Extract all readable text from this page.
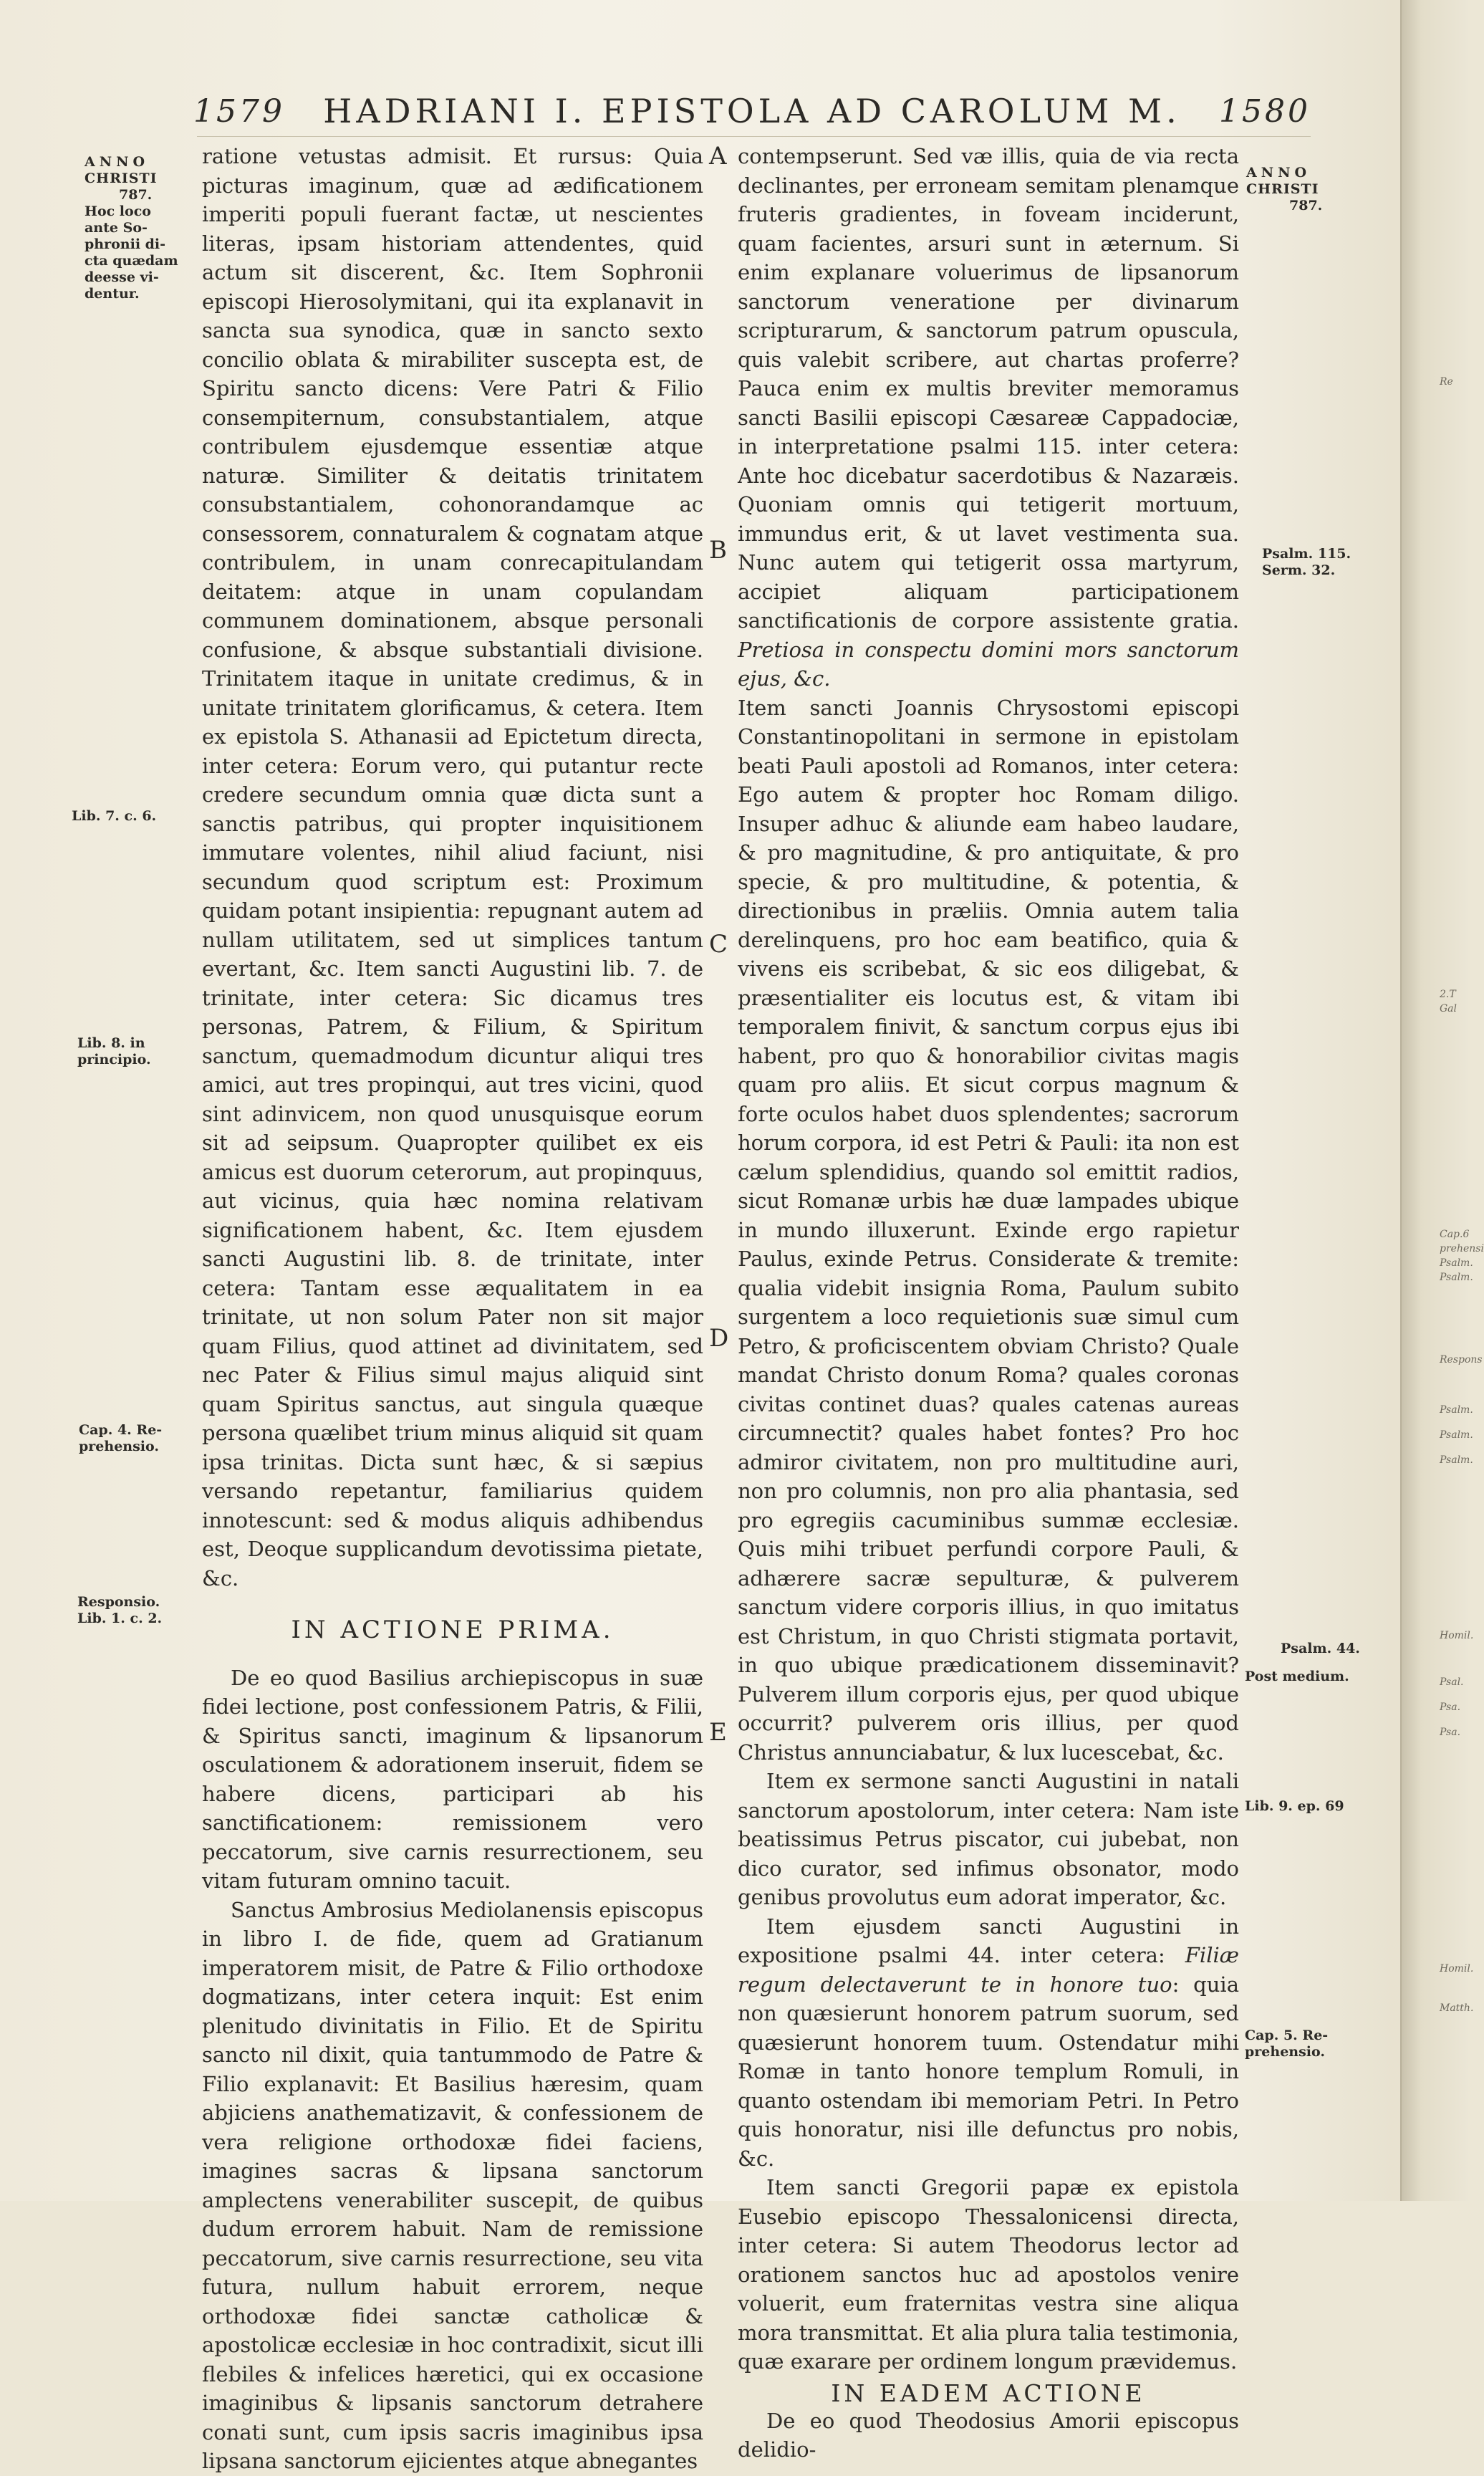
1579	HADRIANI I. EPISTOLA AD CAROLUM M.	1580
ANNO
CHRISTI
787.
Hoc loco
ante So-
phronii di-
cta quædam
deesse vi-
dentur.
Lib. 7. c. 6.
Lib. 8. in
principio.
Cap. 4. Re-
prehensio.
Responsio.
Lib. 1. c. 2.
ANNO
CHRISTI
787.
Psalm. 115.
Serm. 32.
Psalm. 44.
Post medium.
Lib. 9. ep. 69
Cap. 5. Re-
prehensio.
A
B
C
D
E

ratione vetustas admisit. Et rursus: Quia picturas imaginum, quæ ad ædificationem imperiti populi fuerant factæ, ut nescientes literas, ipsam historiam attendentes, quid actum sit discerent, &c. Item Sophronii episcopi Hierosolymitani, qui ita explanavit in sancta sua synodica, quæ in sancto sexto concilio oblata & mirabiliter suscepta est, de Spiritu sancto dicens: Vere Patri & Filio consempiternum, consubstantialem, atque contribulem ejusdemque essentiæ atque naturæ. Similiter & deitatis trinitatem consubstantialem, cohonorandamque ac consessorem, connaturalem & cognatam atque contribulem, in unam conrecapitulandam deitatem: atque in unam copulandam communem dominationem, absque personali confusione, & absque substantiali divisione. Trinitatem itaque in unitate credimus, & in unitate trinitatem glorificamus, & cetera. Item ex epistola S. Athanasii ad Epictetum directa, inter cetera: Eorum vero, qui putantur recte credere secundum omnia quæ dicta sunt a sanctis patribus, qui propter inquisitionem immutare volentes, nihil aliud faciunt, nisi secundum quod scriptum est: Proximum quidam potant insipientia: repugnant autem ad nullam utilitatem, sed ut simplices tantum evertant, &c. Item sancti Augustini lib. 7. de trinitate, inter cetera: Sic dicamus tres personas, Patrem, & Filium, & Spiritum sanctum, quemadmodum dicuntur aliqui tres amici, aut tres propinqui, aut tres vicini, quod sint adinvicem, non quod unusquisque eorum sit ad seipsum. Quapropter quilibet ex eis amicus est duorum ceterorum, aut propinquus, aut vicinus, quia hæc nomina relativam significationem habent, &c. Item ejusdem sancti Augustini lib. 8. de trinitate, inter cetera: Tantam esse æqualitatem in ea trinitate, ut non solum Pater non sit major quam Filius, quod attinet ad divinitatem, sed nec Pater & Filius simul majus aliquid sint quam Spiritus sanctus, aut singula quæque persona quælibet trium minus aliquid sit quam ipsa trinitas. Dicta sunt hæc, & si sæpius versando repetantur, familiarius quidem innotescunt: sed & modus aliquis adhibendus est, Deoque supplicandum devotissima pietate, &c.

IN ACTIONE PRIMA.

De eo quod Basilius archiepiscopus in suæ fidei lectione, post confessionem Patris, & Filii, & Spiritus sancti, imaginum & lipsanorum osculationem & adorationem inseruit, fidem se habere dicens, participari ab his sanctificationem: remissionem vero peccatorum, sive carnis resurrectionem, seu vitam futuram omnino tacuit.

Sanctus Ambrosius Mediolanensis episcopus in libro I. de fide, quem ad Gratianum imperatorem misit, de Patre & Filio orthodoxe dogmatizans, inter cetera inquit: Est enim plenitudo divinitatis in Filio. Et de Spiritu sancto nil dixit, quia tantummodo de Patre & Filio explanavit: Et Basilius hæresim, quam abjiciens anathematizavit, & confessionem de vera religione orthodoxæ fidei faciens, imagines sacras & lipsana sanctorum amplectens venerabiliter suscepit, de quibus dudum errorem habuit. Nam de remissione peccatorum, sive carnis resurrectione, seu vita futura, nullum habuit errorem, neque orthodoxæ fidei sanctæ catholicæ & apostolicæ ecclesiæ in hoc contradixit, sicut illi flebiles & infelices hæretici, qui ex occasione imaginibus & lipsanis sanctorum detrahere conati sunt, cum ipsis sacris imaginibus ipsa lipsana sanctorum ejicientes atque abnegantes

contempserunt. Sed væ illis, quia de via recta declinantes, per erroneam semitam plenamque fruteris gradientes, in foveam inciderunt, quam facientes, arsuri sunt in æternum. Si enim explanare voluerimus de lipsanorum sanctorum veneratione per divinarum scripturarum, & sanctorum patrum opuscula, quis valebit scribere, aut chartas proferre? Pauca enim ex multis breviter memoramus sancti Basilii episcopi Cæsareæ Cappadociæ, in interpretatione psalmi 115. inter cetera: Ante hoc dicebatur sacerdotibus & Nazaræis. Quoniam omnis qui tetigerit mortuum, immundus erit, & ut lavet vestimenta sua. Nunc autem qui tetigerit ossa martyrum, accipiet aliquam participationem sanctificationis de corpore assistente gratia. Pretiosa in conspectu domini mors sanctorum ejus, &c.

Item sancti Joannis Chrysostomi episcopi Constantinopolitani in sermone in epistolam beati Pauli apostoli ad Romanos, inter cetera: Ego autem & propter hoc Romam diligo. Insuper adhuc & aliunde eam habeo laudare, & pro magnitudine, & pro antiquitate, & pro specie, & pro multitudine, & potentia, & directionibus in præliis. Omnia autem talia derelinquens, pro hoc eam beatifico, quia & vivens eis scribebat, & sic eos diligebat, & præsentialiter eis locutus est, & vitam ibi temporalem finivit, & sanctum corpus ejus ibi habent, pro quo & honorabilior civitas magis quam pro aliis. Et sicut corpus magnum & forte oculos habet duos splendentes; sacrorum horum corpora, id est Petri & Pauli: ita non est cælum splendidius, quando sol emittit radios, sicut Romanæ urbis hæ duæ lampades ubique in mundo illuxerunt. Exinde ergo rapietur Paulus, exinde Petrus. Considerate & tremite: qualia videbit insignia Roma, Paulum subito surgentem a loco requietionis suæ simul cum Petro, & proficiscentem obviam Christo? Quale mandat Christo donum Roma? quales coronas civitas continet duas? quales catenas aureas circumnectit? quales habet fontes? Pro hoc admiror civitatem, non pro multitudine auri, non pro columnis, non pro alia phantasia, sed pro egregiis cacuminibus summæ ecclesiæ. Quis mihi tribuet perfundi corpore Pauli, & adhærere sacræ sepulturæ, & pulverem sanctum videre corporis illius, in quo imitatus est Christum, in quo Christi stigmata portavit, in quo ubique prædicationem disseminavit? Pulverem illum corporis ejus, per quod ubique occurrit? pulverem oris illius, per quod Christus annunciabatur, & lux lucescebat, &c.

Item ex sermone sancti Augustini in natali sanctorum apostolorum, inter cetera: Nam iste beatissimus Petrus piscator, cui jubebat, non dico curator, sed infimus obsonator, modo genibus provolutus eum adorat imperator, &c.

Item ejusdem sancti Augustini in expositione psalmi 44. inter cetera: Filiæ regum delectaverunt te in honore tuo: quia non quæsierunt honorem patrum suorum, sed quæsierunt honorem tuum. Ostendatur mihi Romæ in tanto honore templum Romuli, in quanto ostendam ibi memoriam Petri. In Petro quis honoratur, nisi ille defunctus pro nobis, &c.

Item sancti Gregorii papæ ex epistola Eusebio episcopo Thessalonicensi directa, inter cetera: Si autem Theodorus lector ad orationem sanctos huc ad apostolos venire voluerit, eum fraternitas vestra sine aliqua mora transmittat. Et alia plura talia testimonia, quæ exarare per ordinem longum prævidemus.

IN EADEM ACTIONE

De eo quod Theodosius Amorii episcopus delidio-

Re
2.T
Gal
Cap.6
prehensi
Psalm.
Psalm.
Respons
Psalm.
Psalm.
Psalm.
Homil.
Psal.
Psa.
Psa.
Homil.
Matth.
